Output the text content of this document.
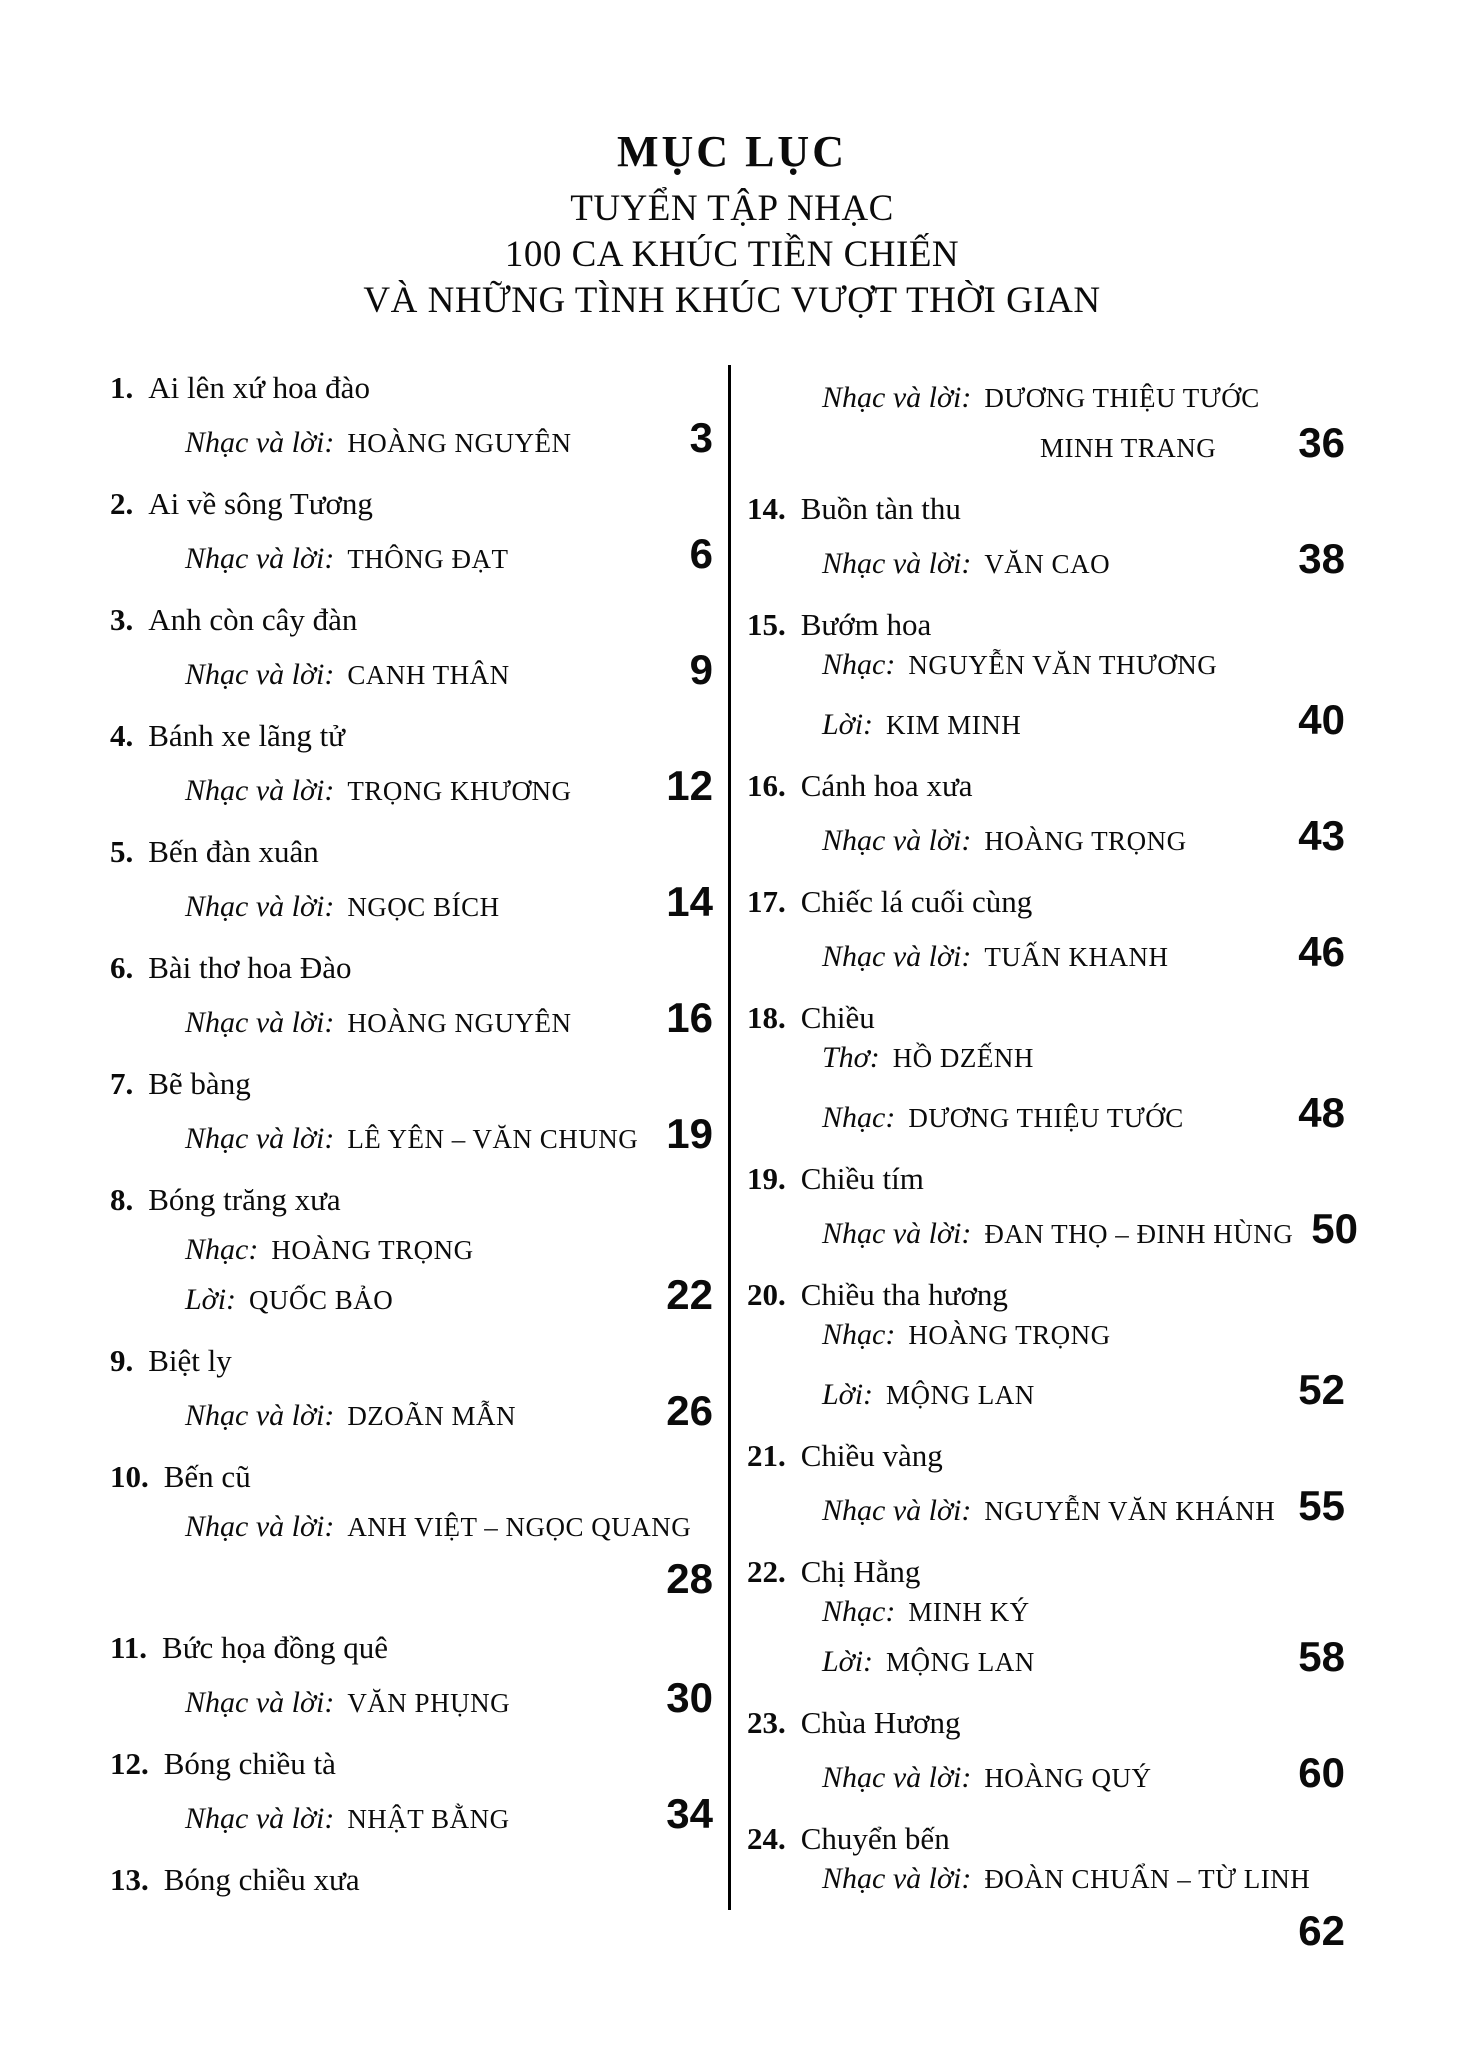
MỤC LỤC
TUYỂN TẬP NHẠC
100 CA KHÚC TIỀN CHIẾN
VÀ NHỮNG TÌNH KHÚC VƯỢT THỜI GIAN
1. Ai lên xứ hoa đào
Nhạc và lời: HOÀNG NGUYÊN	3
2. Ai về sông Tương
Nhạc và lời: THÔNG ĐẠT	6
3. Anh còn cây đàn
Nhạc và lời: CANH THÂN	9
4. Bánh xe lãng tử
Nhạc và lời: TRỌNG KHƯƠNG 12
5. Bến đàn xuân
Nhạc và lời: NGỌC BÍCH	14
6. Bài thơ hoa Đào
Nhạc và lời: HOÀNG NGUYÊN 16
7. Bẽ bàng
Nhạc và lời: LÊ YÊN – VĂN CHUNG 19
8. Bóng trăng xưa
Nhạc: HOÀNG TRỌNG
Lời: QUỐC BẢO	22
9. Biệt ly
Nhạc và lời: DZOÃN MẪN	26
10. Bến cũ
Nhạc và lời: ANH VIỆT – NGỌC QUANG
28
11. Bức họa đồng quê
Nhạc và lời: VĂN PHỤNG	30
12. Bóng chiều tà
Nhạc và lời: NHẬT BẰNG	34
13. Bóng chiều xưa
Nhạc và lời: DƯƠNG THIỆU TƯỚC
MINH TRANG 36
14. Buồn tàn thu
Nhạc và lời: VĂN CAO	38
15. Bướm hoa
Nhạc: NGUYỄN VĂN THƯƠNG
Lời: KIM MINH	40
16. Cánh hoa xưa
Nhạc và lời: HOÀNG TRỌNG	43
17. Chiếc lá cuối cùng
Nhạc và lời: TUẤN KHANH	46
18. Chiều
Thơ: HỒ DZẾNH
Nhạc: DƯƠNG THIỆU TƯỚC	48
19. Chiều tím
Nhạc và lời: ĐAN THỌ – ĐINH HÙNG 50
20. Chiều tha hương
Nhạc: HOÀNG TRỌNG
Lời: MỘNG LAN	52
21. Chiều vàng
Nhạc và lời: NGUYỄN VĂN KHÁNH 55
22. Chị Hằng
Nhạc: MINH KÝ
Lời: MỘNG LAN	58
23. Chùa Hương
Nhạc và lời: HOÀNG QUÝ	60
24. Chuyển bến
Nhạc và lời: ĐOÀN CHUẨN – TỪ LINH
62
